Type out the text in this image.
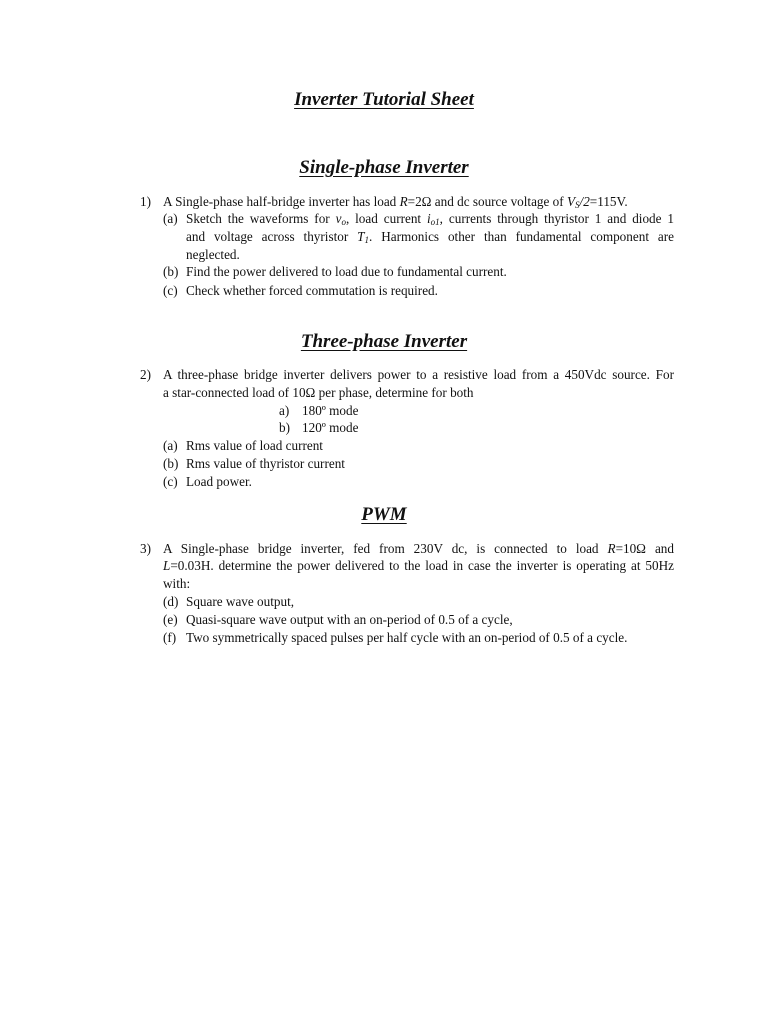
Inverter Tutorial Sheet
Single-phase Inverter
1) A Single-phase half-bridge inverter has load R=2Ω and dc source voltage of $V_S/2=115V$.
(a) Sketch the waveforms for $v_o$, load current $i_{o1}$, currents through thyristor 1 and diode 1
and voltage across thyristor $T_1$. Harmonics other than fundamental component are
neglected.
(b) Find the power delivered to load due to fundamental current.
(c) Check whether forced commutation is required.
Three-phase Inverter
2) A three-phase bridge inverter delivers power to a resistive load from a 450Vdc source. For
a star-connected load of 10Ω per phase, determine for both
a) 180º mode
b) 120º mode
(a) Rms value of load current
(b) Rms value of thyristor current
(c) Load power.
PWM
3) A Single-phase bridge inverter, fed from 230V dc, is connected to load R=10Ω and
L=0.03H. determine the power delivered to the load in case the inverter is operating at 50Hz
with:
(d) Square wave output,
(e) Quasi-square wave output with an on-period of 0.5 of a cycle,
(f) Two symmetrically spaced pulses per half cycle with an on-period of 0.5 of a cycle.
